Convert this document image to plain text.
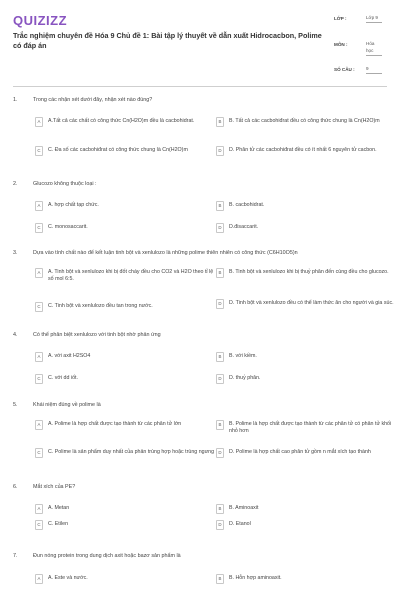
QUIZIZZ
Trắc nghiệm chuyên đề Hóa 9 Chủ đề 1: Bài tập lý thuyết về dẫn xuất Hidrocacbon, Polime có đáp án
LỚP :	Lớp 9
MÔN :	Hóa học
SỐ CÂU : 9
1.	Trong các nhận xét dưới đây, nhận xét nào đúng?
A	A.Tất cả các chất có công thức Cn(H2O)m đều là cacbohidrat.	B	B. Tất cả các cacbohiđrat đều có công thức chung là Cn(H2O)m
C	C. Đa số các cacbohiđrat có công thức chung là Cn(H2O)m	D	D. Phân tử các cacbohiđrat đều có ít nhất 6 nguyên tử cacbon.
2.	Glucozo không thuộc loại :
A	A. hợp chất tạp chức.	B	B. cacbohidrat.
C	C. monosaccarit.	D	D.đisaccarit.
3.	Dựa vào tính chất nào để kết luận tinh bột và xenlulozo là những polime thiên nhiên có công thức (C6H10O5)n
A	A. Tinh bột và xenlulozo khi bị đốt cháy đều cho CO2 và H2O theo tỉ lệ số mol 6:5.
B	B. Tinh bột và xenlulozo khi bị thuỷ phân đến cùng đều cho glucozo.
C	C. Tinh bột và xenlulozo đều tan trong nước.	D	D. Tinh bột và xenlulozo đều có thể làm thức ăn cho người và gia súc.
4.	Có thể phân biệt xenlulozo với tinh bột nhờ phản ứng
A	A. với axit H2SO4	B	B. với kiềm.
C	C. với dd iốt.	D	D. thuỷ phân.
5.	Khái niệm đúng về polime là
A	A. Polime là hợp chất được tạo thành từ các phân tử lớn	B	B. Polime là hợp chất được tạo thành từ các phân tử có phân tử khối nhỏ hơn
C	C. Polime là sản phẩm duy nhất của phản trùng hợp hoặc trùng ngưng D	D. Polime là hợp chất cao phân tử gồm n mắt xích tạo thành
6.	Mắt xích của PE?
A	A. Metan	B	B. Aminoaxit
C	C. Etilen	D	D. Etanol
7.	Đun nóng protein trong dung dịch axit hoặc bazơ sản phẩm là
A	A. Este và nước.	B	B. Hỗn hợp aminoaxit.
